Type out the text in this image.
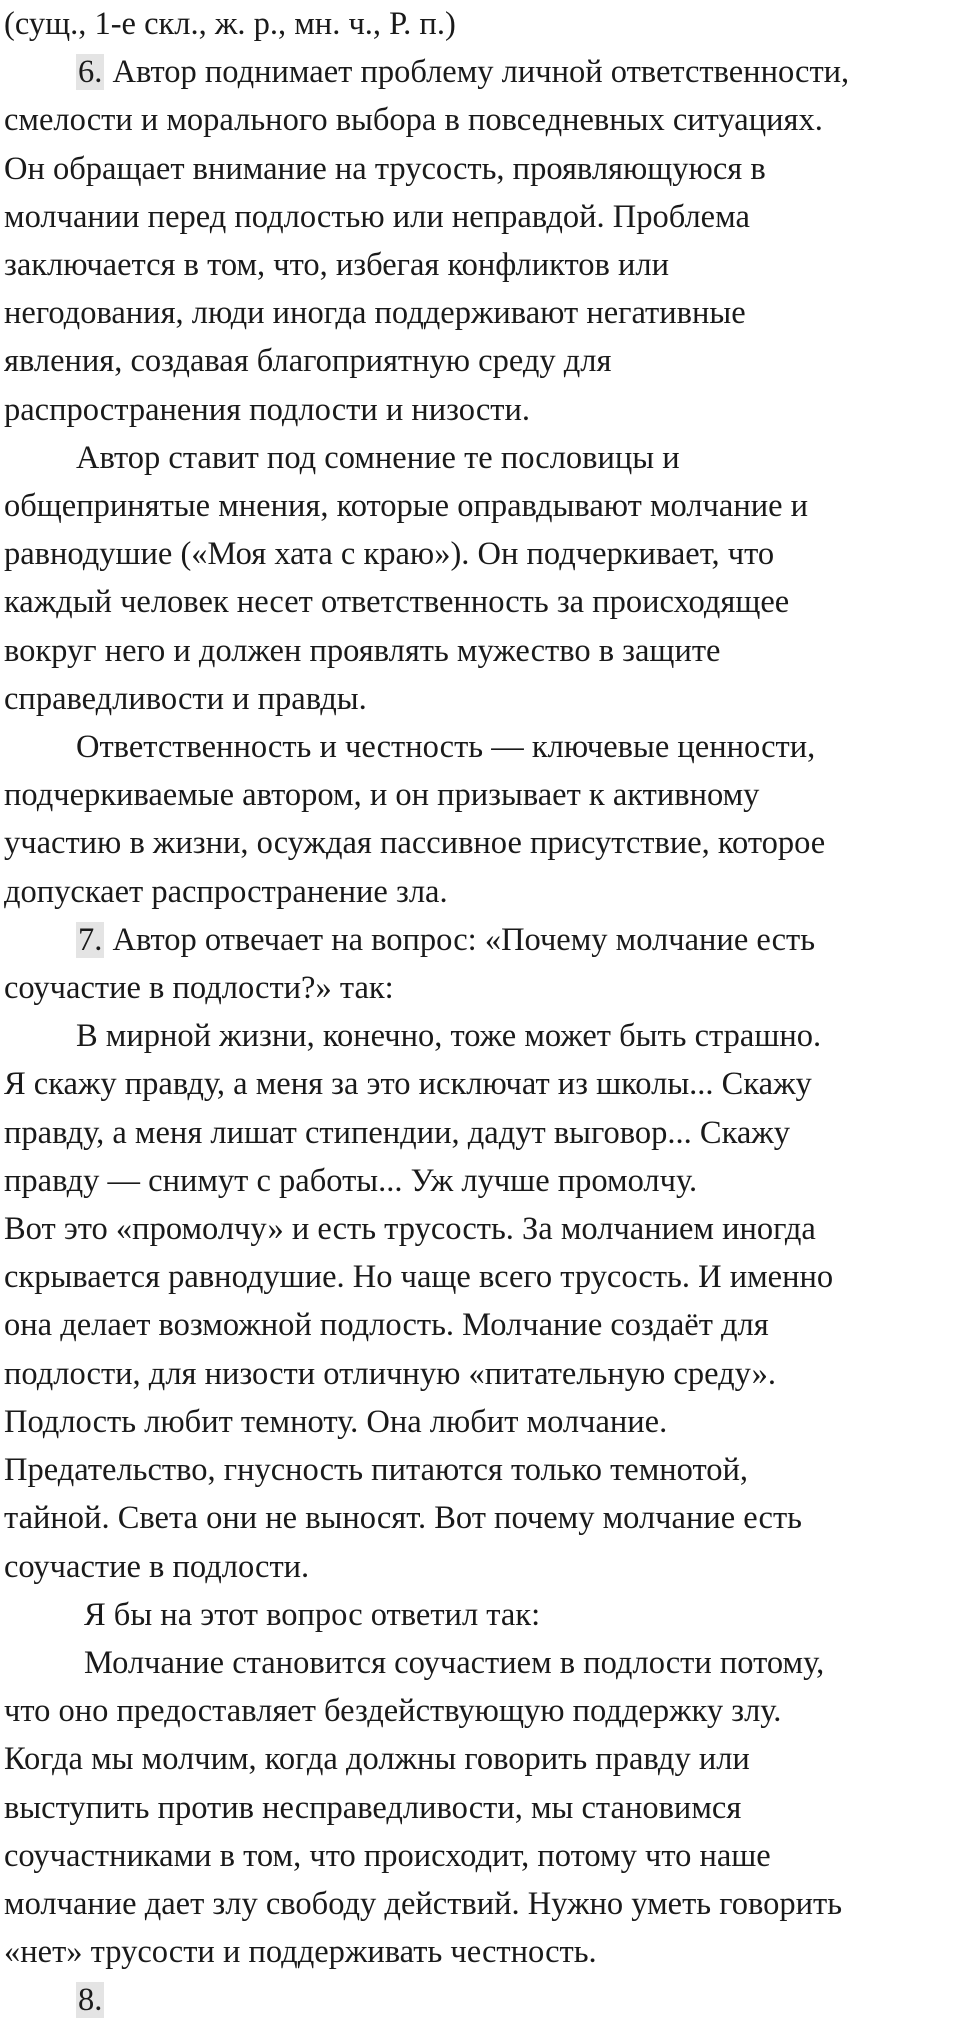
(сущ., 1-е скл., ж. р., мн. ч., Р. п.)
6. Автор поднимает проблему личной ответственности,
смелости и морального выбора в повседневных ситуациях.
Он обращает внимание на трусость, проявляющуюся в
молчании перед подлостью или неправдой. Проблема
заключается в том, что, избегая конфликтов или
негодования, люди иногда поддерживают негативные
явления, создавая благоприятную среду для
распространения подлости и низости.
Автор ставит под сомнение те пословицы и
общепринятые мнения, которые оправдывают молчание и
равнодушие («Моя хата с краю»). Он подчеркивает, что
каждый человек несет ответственность за происходящее
вокруг него и должен проявлять мужество в защите
справедливости и правды.
Ответственность и честность — ключевые ценности,
подчеркиваемые автором, и он призывает к активному
участию в жизни, осуждая пассивное присутствие, которое
допускает распространение зла.
7. Автор отвечает на вопрос: «Почему молчание есть
соучастие в подлости?» так:
В мирной жизни, конечно, тоже может быть страшно.
Я скажу правду, а меня за это исключат из школы... Скажу
правду, а меня лишат стипендии, дадут выговор... Скажу
правду — снимут с работы... Уж лучше промолчу.
Вот это «промолчу» и есть трусость. За молчанием иногда
скрывается равнодушие. Но чаще всего трусость. И именно
она делает возможной подлость. Молчание создаёт для
подлости, для низости отличную «питательную среду».
Подлость любит темноту. Она любит молчание.
Предательство, гнусность питаются только темнотой,
тайной. Света они не выносят. Вот почему молчание есть
соучастие в подлости.
Я бы на этот вопрос ответил так:
Молчание становится соучастием в подлости потому,
что оно предоставляет бездействующую поддержку злу.
Когда мы молчим, когда должны говорить правду или
выступить против несправедливости, мы становимся
соучастниками в том, что происходит, потому что наше
молчание дает злу свободу действий. Нужно уметь говорить
«нет» трусости и поддерживать честность.
8.
